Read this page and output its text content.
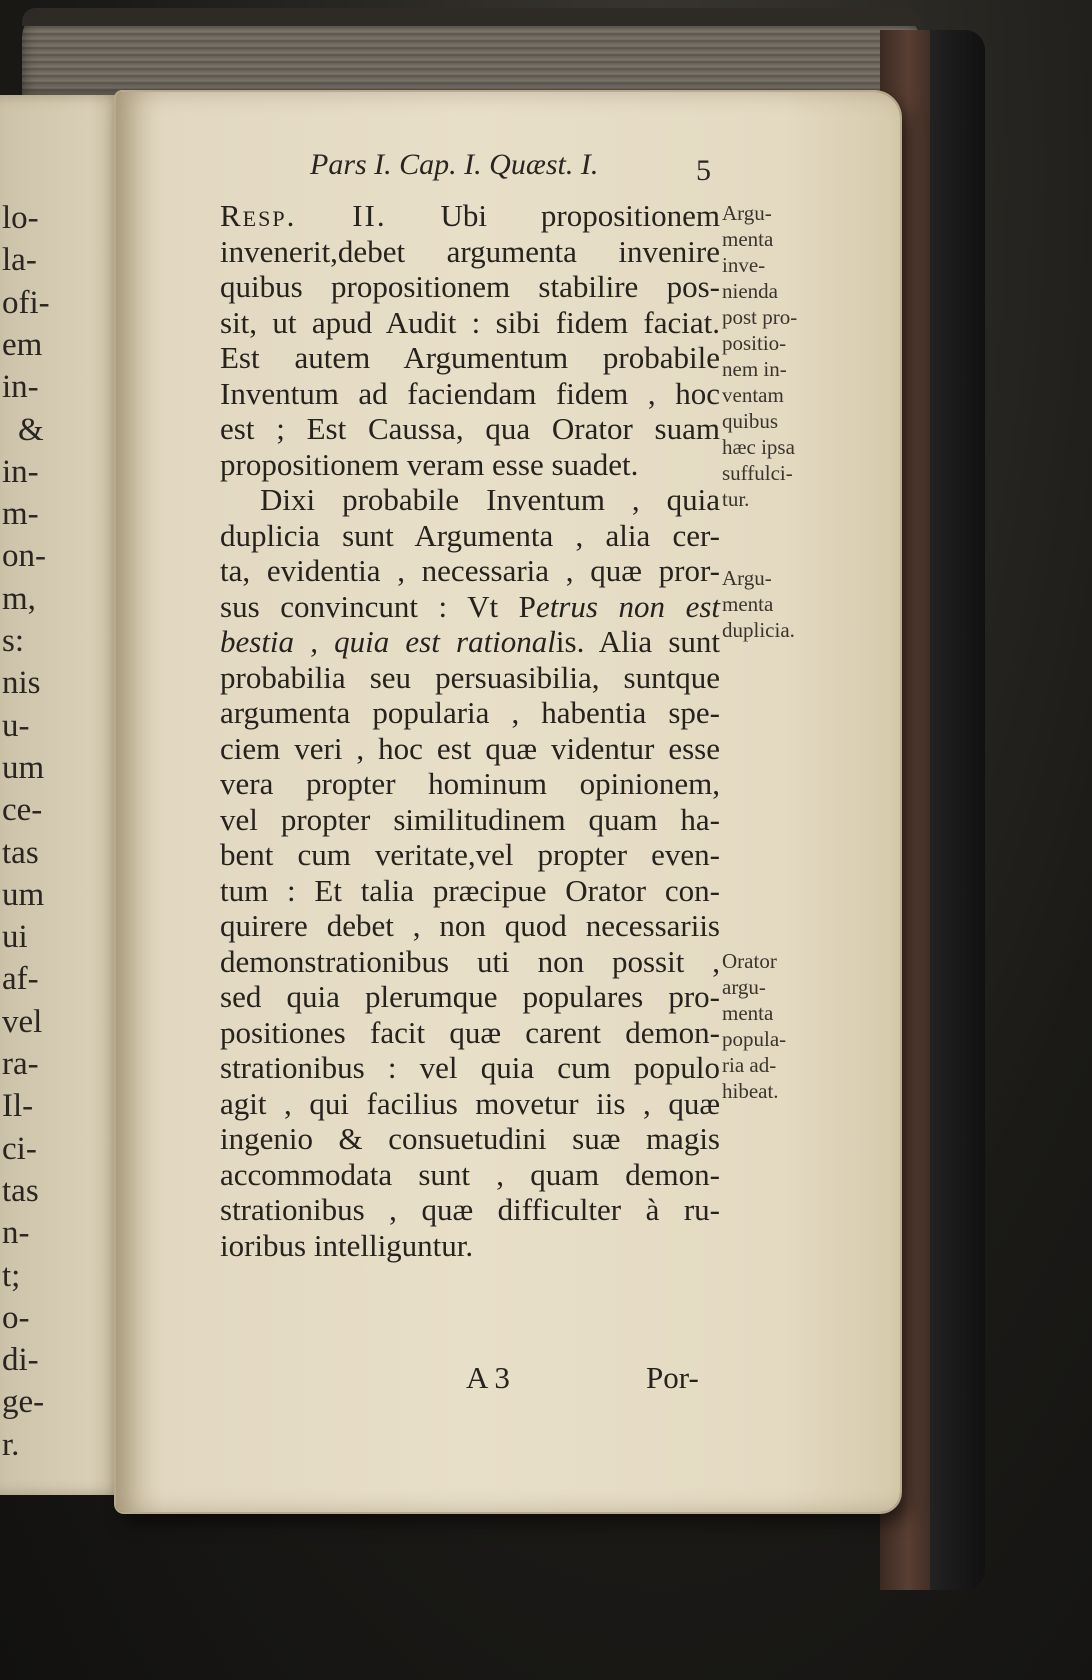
lo-
la-
ofi-
em
in-
&
in-
m-
on-
m,
s:
nis
u-
um
ce-
tas
um
ui
af-
vel
ra-
Il-
ci-
tas
n-
t;
o-
di-
ge-
r.
Pars I. Cap. I. Quæst. I.	5
Resp. II. Ubi propositionem
invenerit,debet argumenta invenire
quibus propositionem stabilire pos-
sit, ut apud Audit : sibi fidem faciat.
Est autem Argumentum probabile
Inventum ad faciendam fidem , hoc
est ; Est Caussa, qua Orator suam
propositionem veram esse suadet.
Dixi probabile Inventum , quia
duplicia sunt Argumenta , alia cer-
ta, evidentia , necessaria , quæ pror-
sus convincunt : Vt Petrus non est
bestia , quia est rationalis. Alia sunt
probabilia seu persuasibilia, suntque
argumenta popularia , habentia spe-
ciem veri , hoc est quæ videntur esse
vera propter hominum opinionem,
vel propter similitudinem quam ha-
bent cum veritate,vel propter even-
tum : Et talia præcipue Orator con-
quirere debet , non quod necessariis
demonstrationibus uti non possit ,
sed quia plerumque populares pro-
positiones facit quæ carent demon-
strationibus : vel quia cum populo
agit , qui facilius movetur iis , quæ
ingenio & consuetudini suæ magis
accommodata sunt , quam demon-
strationibus , quæ difficulter à ru-
ioribus intelliguntur.
Argu-
menta
inve-
nienda
post pro-
positio-
nem in-
ventam
quibus
hæc ipsa
suffulci-
tur.
Argu-
menta
duplicia.
Orator
argu-
menta
popula-
ria ad-
hibeat.
A 3	Por-
